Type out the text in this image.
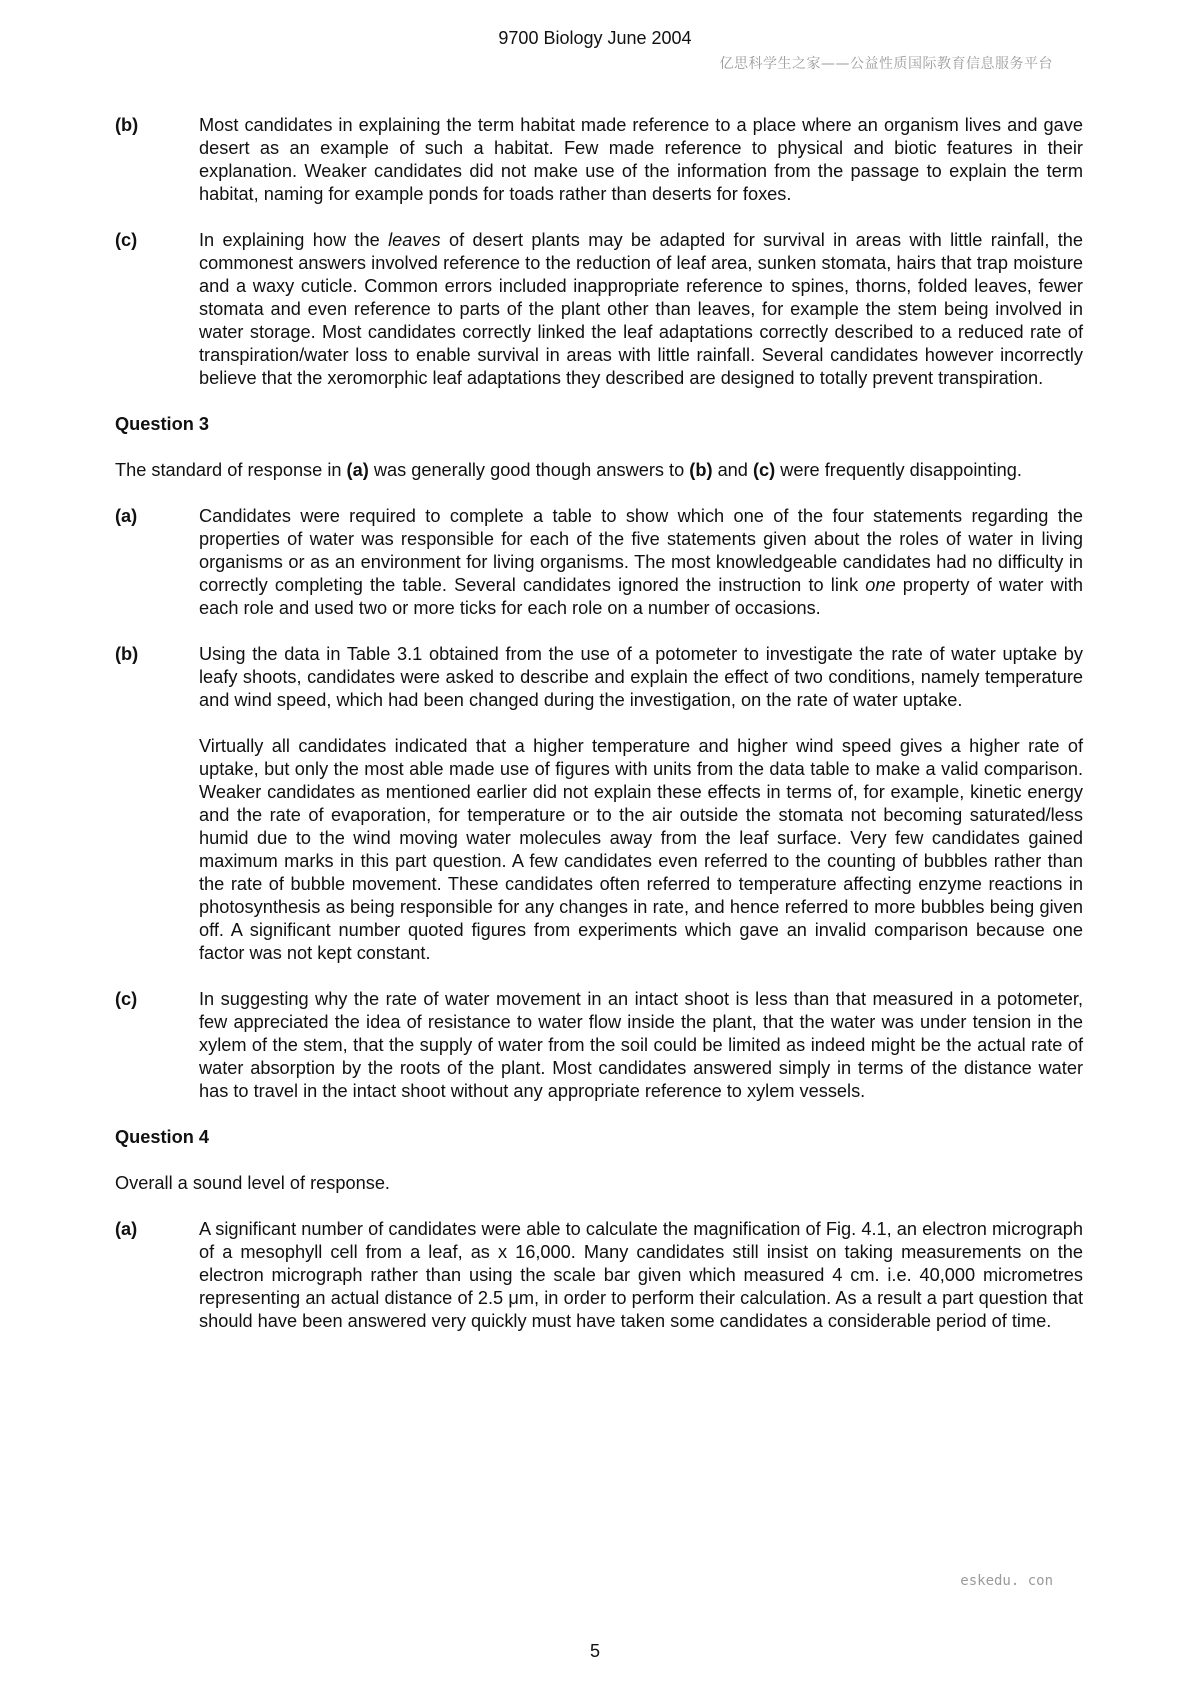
9700 Biology June 2004
亿思科学生之家——公益性质国际教育信息服务平台
(b)	Most candidates in explaining the term habitat made reference to a place where an organism lives and gave desert as an example of such a habitat. Few made reference to physical and biotic features in their explanation. Weaker candidates did not make use of the information from the passage to explain the term habitat, naming for example ponds for toads rather than deserts for foxes.

(c)	In explaining how the leaves of desert plants may be adapted for survival in areas with little rainfall, the commonest answers involved reference to the reduction of leaf area, sunken stomata, hairs that trap moisture and a waxy cuticle. Common errors included inappropriate reference to spines, thorns, folded leaves, fewer stomata and even reference to parts of the plant other than leaves, for example the stem being involved in water storage. Most candidates correctly linked the leaf adaptations correctly described to a reduced rate of transpiration/water loss to enable survival in areas with little rainfall. Several candidates however incorrectly believe that the xeromorphic leaf adaptations they described are designed to totally prevent transpiration.

Question 3

The standard of response in (a) was generally good though answers to (b) and (c) were frequently disappointing.

(a)	Candidates were required to complete a table to show which one of the four statements regarding the properties of water was responsible for each of the five statements given about the roles of water in living organisms or as an environment for living organisms. The most knowledgeable candidates had no difficulty in correctly completing the table. Several candidates ignored the instruction to link one property of water with each role and used two or more ticks for each role on a number of occasions.

(b)	Using the data in Table 3.1 obtained from the use of a potometer to investigate the rate of water uptake by leafy shoots, candidates were asked to describe and explain the effect of two conditions, namely temperature and wind speed, which had been changed during the investigation, on the rate of water uptake.

Virtually all candidates indicated that a higher temperature and higher wind speed gives a higher rate of uptake, but only the most able made use of figures with units from the data table to make a valid comparison. Weaker candidates as mentioned earlier did not explain these effects in terms of, for example, kinetic energy and the rate of evaporation, for temperature or to the air outside the stomata not becoming saturated/less humid due to the wind moving water molecules away from the leaf surface. Very few candidates gained maximum marks in this part question. A few candidates even referred to the counting of bubbles rather than the rate of bubble movement. These candidates often referred to temperature affecting enzyme reactions in photosynthesis as being responsible for any changes in rate, and hence referred to more bubbles being given off. A significant number quoted figures from experiments which gave an invalid comparison because one factor was not kept constant.

(c)	In suggesting why the rate of water movement in an intact shoot is less than that measured in a potometer, few appreciated the idea of resistance to water flow inside the plant, that the water was under tension in the xylem of the stem, that the supply of water from the soil could be limited as indeed might be the actual rate of water absorption by the roots of the plant. Most candidates answered simply in terms of the distance water has to travel in the intact shoot without any appropriate reference to xylem vessels.

Question 4

Overall a sound level of response.

(a)	A significant number of candidates were able to calculate the magnification of Fig. 4.1, an electron micrograph of a mesophyll cell from a leaf, as x 16,000. Many candidates still insist on taking measurements on the electron micrograph rather than using the scale bar given which measured 4 cm. i.e. 40,000 micrometres representing an actual distance of 2.5 μm, in order to perform their calculation. As a result a part question that should have been answered very quickly must have taken some candidates a considerable period of time.

eskedu. con
5
